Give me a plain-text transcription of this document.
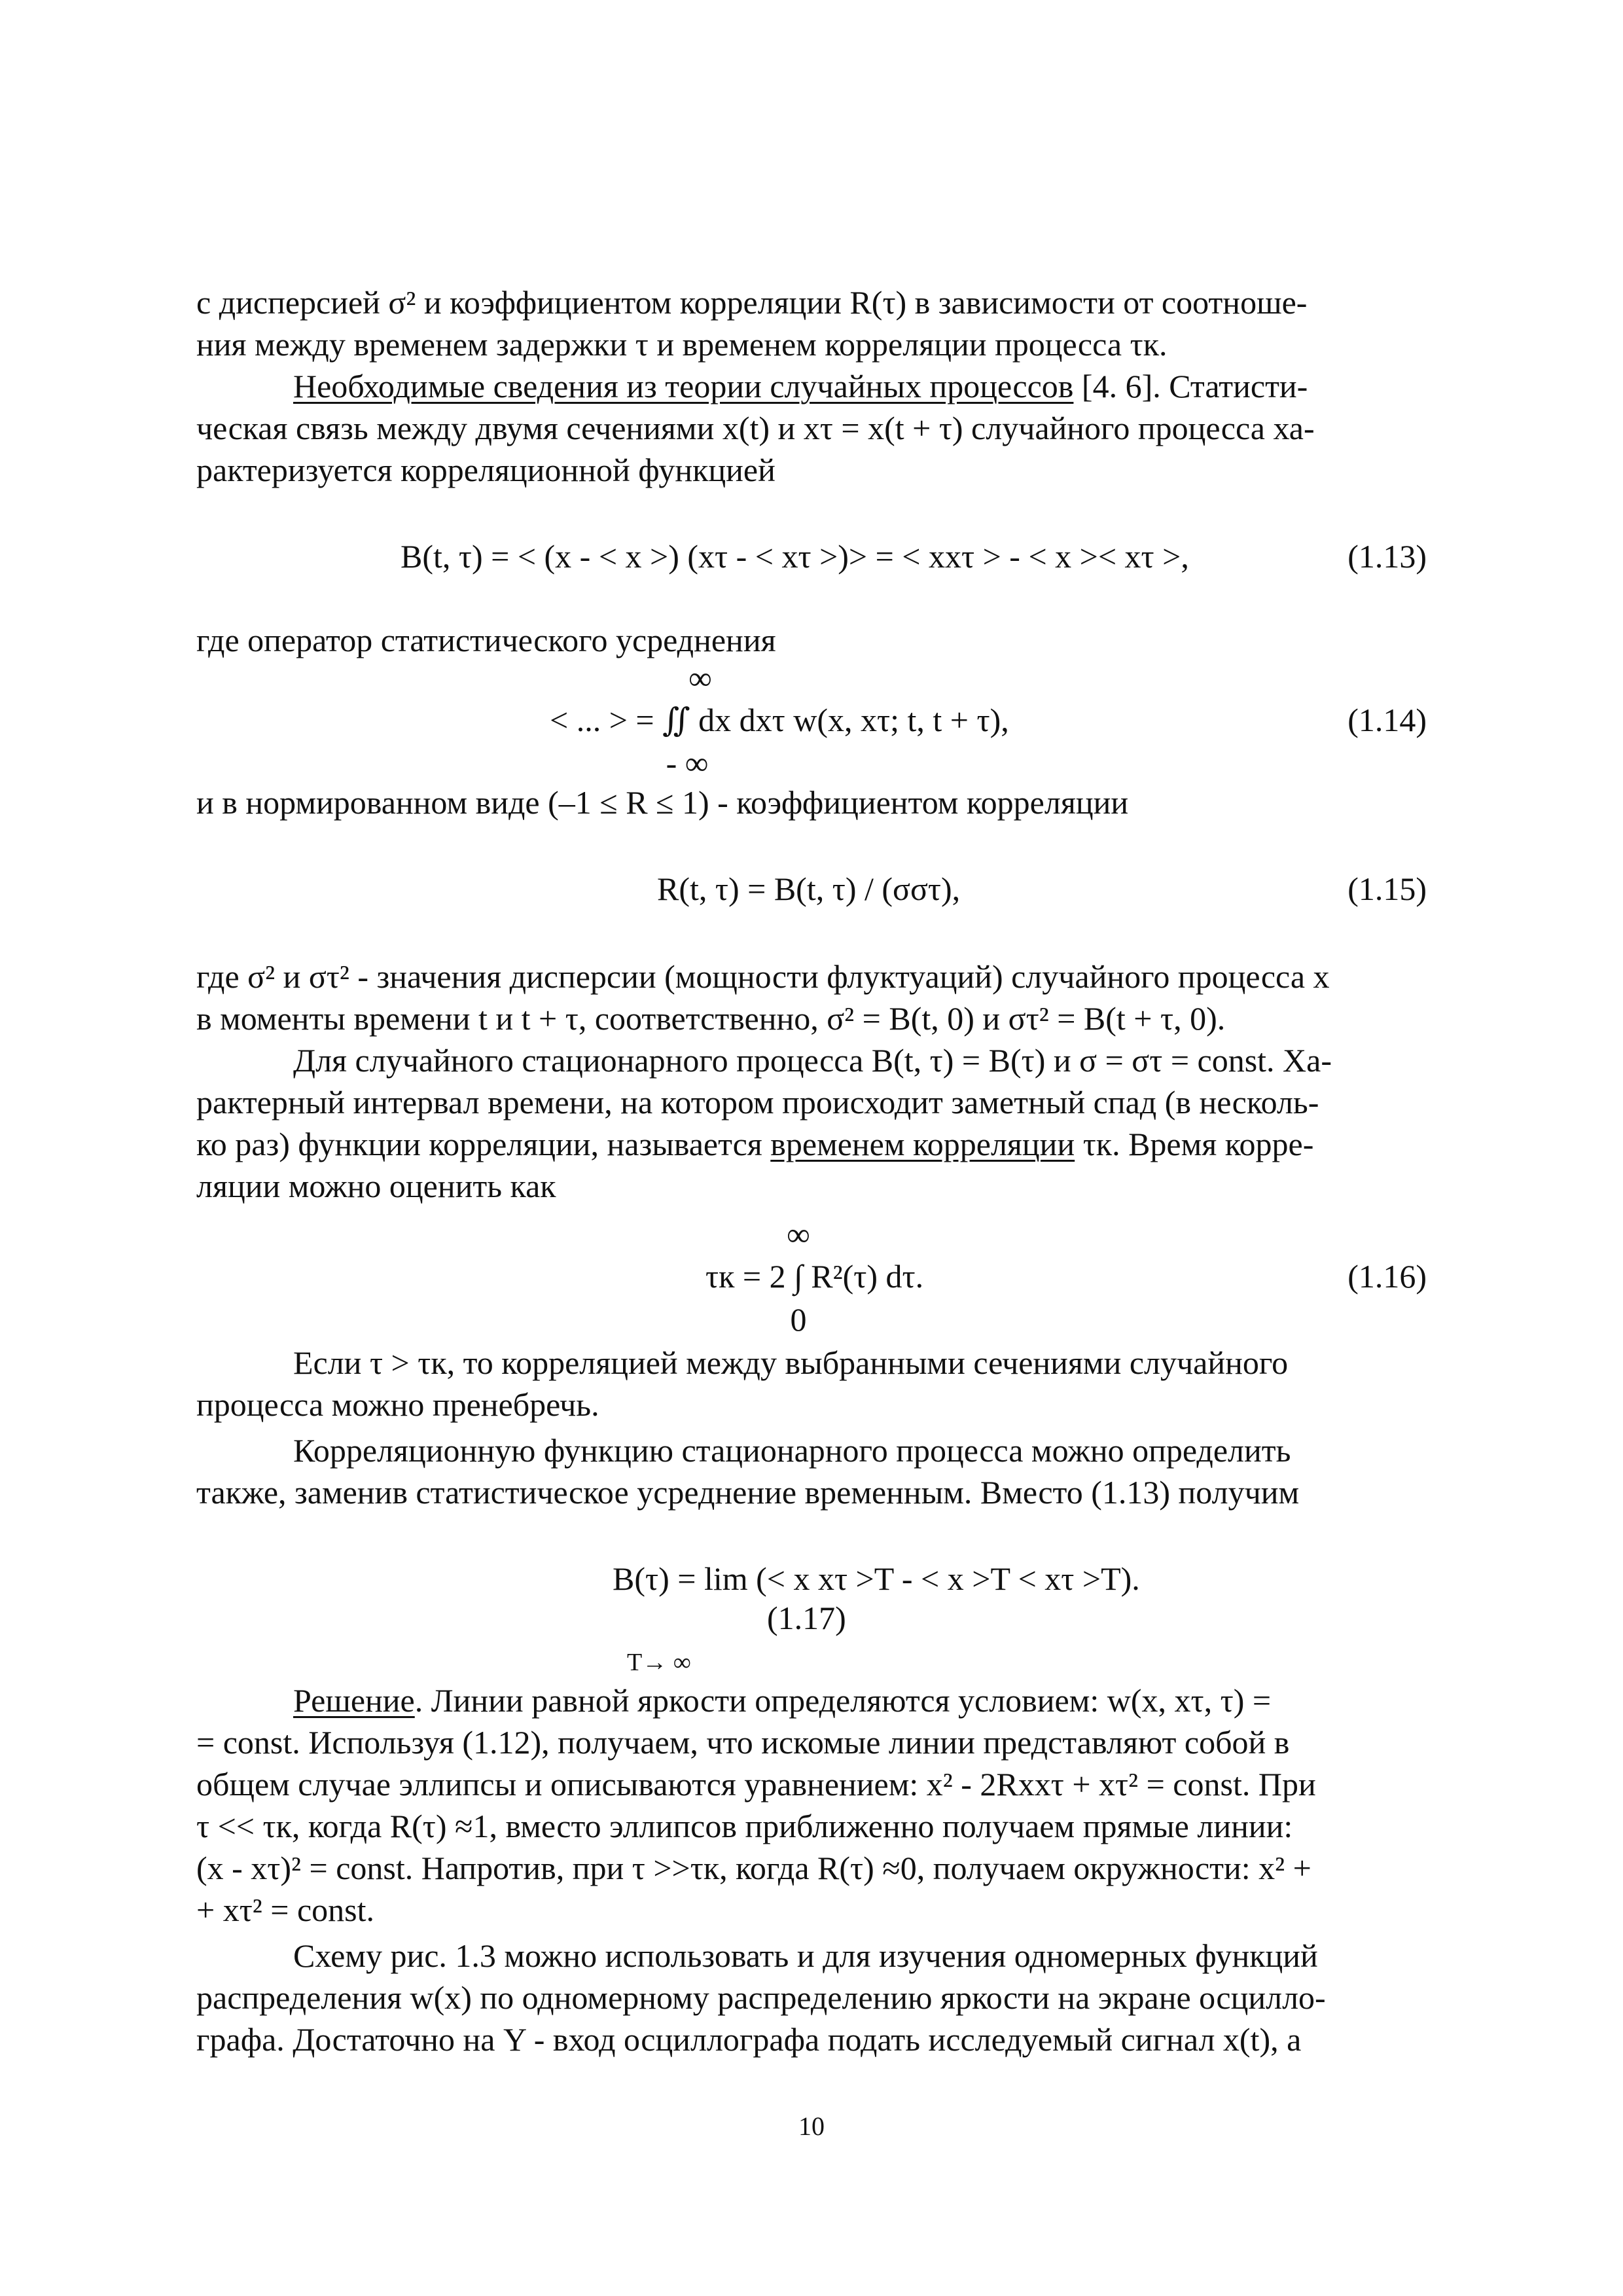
с дисперсией σ² и коэффициентом корреляции R(τ) в зависимости от соотноше-
ния между временем задержки τ и временем корреляции процесса τк.
Необходимые сведения из теории случайных процессов [4. 6]. Статисти-
ческая связь между двумя сечениями x(t) и xτ = x(t + τ) случайного процесса ха-
рактеризуется корреляционной функцией
B(t, τ) = < (x - < x >) (xτ - < xτ >)> = < xxτ > - < x >< xτ >,	(1.13)
где оператор статистического усреднения
∞
< ... > = ∬ dx dxτ w(x, xτ; t, t + τ),
- ∞
(1.14)
и в нормированном виде (–1 ≤ R ≤ 1) - коэффициентом корреляции
R(t, τ) = B(t, τ) / (σστ),	(1.15)
где σ² и στ² - значения дисперсии (мощности флуктуаций) случайного процесса x
в моменты времени t и t + τ, соответственно, σ² = B(t, 0) и στ² = B(t + τ, 0).
Для случайного стационарного процесса B(t, τ) = B(τ) и σ = στ = const. Ха-
рактерный интервал времени, на котором происходит заметный спад (в несколь-
ко раз) функции корреляции, называется временем корреляции τк. Время корре-
ляции можно оценить как
∞
τк = 2 ∫ R²(τ) dτ.
0
(1.16)
Если τ > τк, то корреляцией между выбранными сечениями случайного
процесса можно пренебречь.
Корреляционную функцию стационарного процесса можно определить
также, заменив статистическое усреднение временным. Вместо (1.13) получим
B(τ) = lim (< x xτ >T - < x >T < xτ >T).
(1.17)
T→ ∞
Решение. Линии равной яркости определяются условием: w(x, xτ, τ) =
= const. Используя (1.12), получаем, что искомые линии представляют собой в
общем случае эллипсы и описываются уравнением: x² - 2Rxxτ + xτ² = const. При
τ << τк, когда R(τ) ≈1, вместо эллипсов приближенно получаем прямые линии:
(x - xτ)² = const. Напротив, при τ >>τк, когда R(τ) ≈0, получаем окружности: x² +
+ xτ² = const.
Схему рис. 1.3 можно использовать и для изучения одномерных функций
распределения w(x) по одномерному распределению яркости на экране осцилло-
графа. Достаточно на Y - вход осциллографа подать исследуемый сигнал x(t), а
10
